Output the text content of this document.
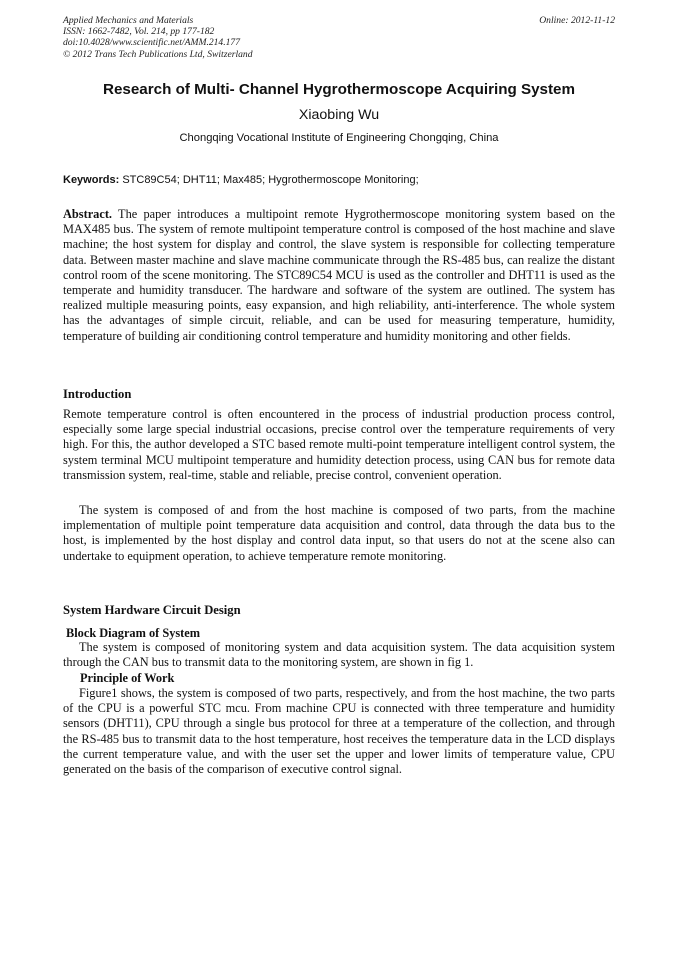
Applied Mechanics and Materials
ISSN: 1662-7482, Vol. 214, pp 177-182
doi:10.4028/www.scientific.net/AMM.214.177
© 2012 Trans Tech Publications Ltd, Switzerland
Online: 2012-11-12
Research of Multi- Channel Hygrothermoscope Acquiring System
Xiaobing Wu
Chongqing Vocational Institute of Engineering Chongqing, China
Keywords: STC89C54; DHT11; Max485; Hygrothermoscope Monitoring;

Abstract. The paper introduces a multipoint remote Hygrothermoscope monitoring system based on the MAX485 bus. The system of remote multipoint temperature control is composed of the host machine and slave machine; the host system for display and control, the slave system is responsible for collecting temperature data. Between master machine and slave machine communicate through the RS-485 bus, can realize the distant control room of the scene monitoring. The STC89C54 MCU is used as the controller and DHT11 is used as the temperate and humidity transducer. The hardware and software of the system are outlined. The system has realized multiple measuring points, easy expansion, and high reliability, anti-interference. The whole system has the advantages of simple circuit, reliable, and can be used for measuring temperature, humidity, temperature of building air conditioning control temperature and humidity monitoring and other fields.

Introduction

Remote temperature control is often encountered in the process of industrial production process control, especially some large special industrial occasions, precise control over the temperature requirements of very high. For this, the author developed a STC based remote multi-point temperature intelligent control system, the system terminal MCU multipoint temperature and humidity detection process, using CAN bus for remote data transmission system, real-time, stable and reliable, precise control, convenient operation.

The system is composed of and from the host machine is composed of two parts, from the machine implementation of multiple point temperature data acquisition and control, data through the data bus to the host, is implemented by the host display and control data input, so that users do not at the scene also can undertake to equipment operation, to achieve temperature remote monitoring.

System Hardware Circuit Design
Block Diagram of System

The system is composed of monitoring system and data acquisition system. The data acquisition system through the CAN bus to transmit data to the monitoring system, are shown in fig 1.

Principle of Work

Figure1 shows, the system is composed of two parts, respectively, and from the host machine, the two parts of the CPU is a powerful STC mcu. From machine CPU is connected with three temperature and humidity sensors (DHT11), CPU through a single bus protocol for three at a temperature of the collection, and through the RS-485 bus to transmit data to the host temperature, host receives the temperature data in the LCD displays the current temperature value, and with the user set the upper and lower limits of temperature value, CPU generated on the basis of the comparison of executive control signal.
